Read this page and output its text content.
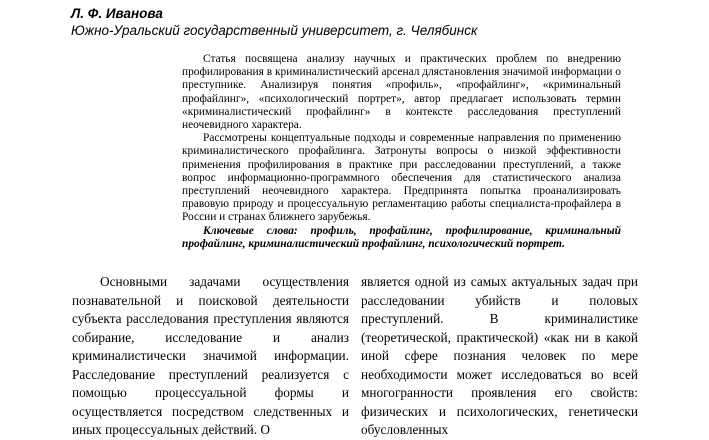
Л. Ф. Иванова
Южно-Уральский государственный университет, г. Челябинск

Статья посвящена анализу научных и практических проблем по внедрению профилирования в криминалистический арсенал длястановления значимой информации о преступнике. Анализируя понятия «профиль», «профайлинг», «криминальный профайлинг», «психологический портрет», автор предлагает использовать термин «криминалистический профайлинг» в контексте расследования преступлений неочевидного характера.

Рассмотрены концептуальные подходы и современные направления по применению криминалистического профайлинга. Затронуты вопросы о низкой эффективности применения профилирования в практике при расследовании преступлений, а также вопрос информационно-программного обеспечения для статистического анализа преступлений неочевидного характера. Предпринята попытка проанализировать правовую природу и процессуальную регламентацию работы специалиста-профайлера в России и странах ближнего зарубежья.

Ключевые слова: профиль, профайлинг, профилирование, криминальный профайлинг, криминалистический профайлинг, психологический портрет.

Основными задачами осуществления познавательной и поисковой деятельности субъекта расследования преступления являются собирание, исследование и анализ криминалистически значимой информации. Расследование преступлений реализуется с помощью процессуальной формы и осуществляется посредством следственных и иных процессуальных действий. О

является одной из самых актуальных задач при расследовании убийств и половых преступлений. В криминалистике (теоретической, практической) «как ни в какой иной сфере познания человек по мере необходимости может исследоваться во всей многогранности проявления его свойств: физических и психологических, генетически обусловленных
